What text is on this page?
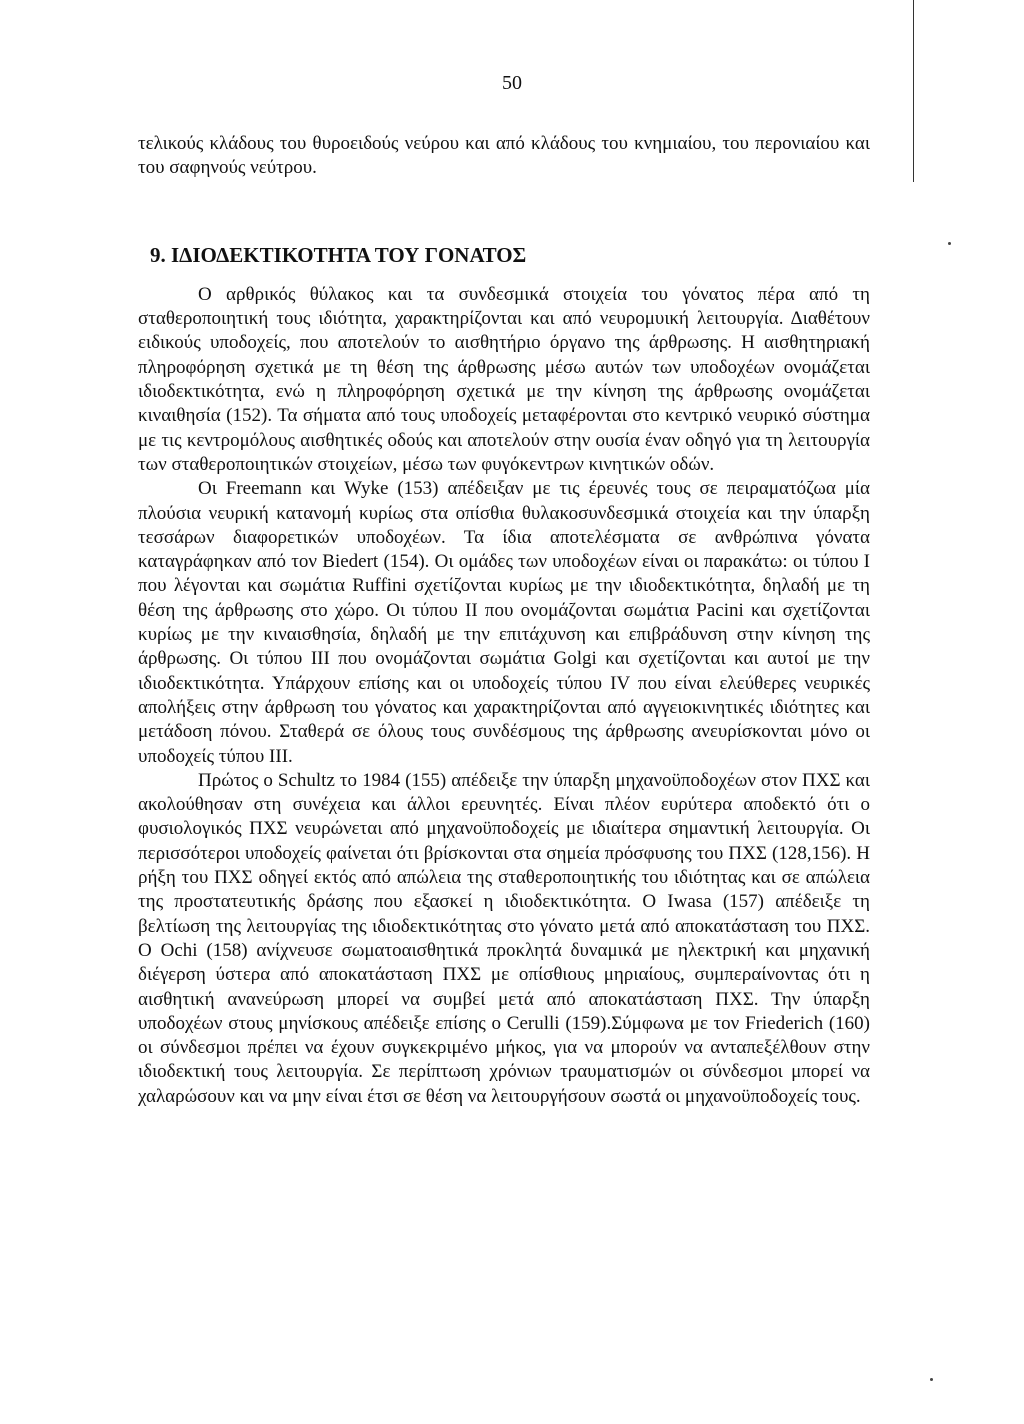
50

τελικούς κλάδους του θυροειδούς νεύρου και από κλάδους του κνημιαίου, του περονιαίου και του σαφηνούς νεύτρου.

9. ΙΔΙΟΔΕΚΤΙΚΟΤΗΤΑ ΤΟΥ ΓΟΝΑΤΟΣ

Ο αρθρικός θύλακος και τα συνδεσμικά στοιχεία του γόνατος πέρα από τη σταθεροποιητική τους ιδιότητα, χαρακτηρίζονται και από νευρομυική λειτουργία. Διαθέτουν ειδικούς υποδοχείς, που αποτελούν το αισθητήριο όργανο της άρθρωσης. Η αισθητηριακή πληροφόρηση σχετικά με τη θέση της άρθρωσης μέσω αυτών των υποδοχέων ονομάζεται ιδιοδεκτικότητα, ενώ η πληροφόρηση σχετικά με την κίνηση της άρθρωσης ονομάζεται κιναιθησία (152). Τα σήματα από τους υποδοχείς μεταφέρονται στο κεντρικό νευρικό σύστημα με τις κεντρομόλους αισθητικές οδούς και αποτελούν στην ουσία έναν οδηγό για τη λειτουργία των σταθεροποιητικών στοιχείων, μέσω των φυγόκεντρων κινητικών οδών.

Οι Freemann και Wyke (153) απέδειξαν με τις έρευνές τους σε πειραματόζωα μία πλούσια νευρική κατανομή κυρίως στα οπίσθια θυλακοσυνδεσμικά στοιχεία και την ύπαρξη τεσσάρων διαφορετικών υποδοχέων. Τα ίδια αποτελέσματα σε ανθρώπινα γόνατα καταγράφηκαν από τον Biedert (154). Οι ομάδες των υποδοχέων είναι οι παρακάτω: οι τύπου Ι που λέγονται και σωμάτια Ruffini σχετίζονται κυρίως με την ιδιοδεκτικότητα, δηλαδή με τη θέση της άρθρωσης στο χώρο. Οι τύπου ΙΙ που ονομάζονται σωμάτια Pacini και σχετίζονται κυρίως με την κιναισθησία, δηλαδή με την επιτάχυνση και επιβράδυνση στην κίνηση της άρθρωσης. Οι τύπου ΙΙΙ που ονομάζονται σωμάτια Golgi και σχετίζονται και αυτοί με την ιδιοδεκτικότητα. Υπάρχουν επίσης και οι υποδοχείς τύπου IV που είναι ελεύθερες νευρικές απολήξεις στην άρθρωση του γόνατος και χαρακτηρίζονται από αγγειοκινητικές ιδιότητες και μετάδοση πόνου. Σταθερά σε όλους τους συνδέσμους της άρθρωσης ανευρίσκονται μόνο οι υποδοχείς τύπου ΙΙΙ.

Πρώτος ο Schultz το 1984 (155) απέδειξε την ύπαρξη μηχανοϋποδοχέων στον ΠΧΣ και ακολούθησαν στη συνέχεια και άλλοι ερευνητές. Είναι πλέον ευρύτερα αποδεκτό ότι ο φυσιολογικός ΠΧΣ νευρώνεται από μηχανοϋποδοχείς με ιδιαίτερα σημαντική λειτουργία. Οι περισσότεροι υποδοχείς φαίνεται ότι βρίσκονται στα σημεία πρόσφυσης του ΠΧΣ (128,156). Η ρήξη του ΠΧΣ οδηγεί εκτός από απώλεια της σταθεροποιητικής του ιδιότητας και σε απώλεια της προστατευτικής δράσης που εξασκεί η ιδιοδεκτικότητα. Ο Iwasa (157) απέδειξε τη βελτίωση της λειτουργίας της ιδιοδεκτικότητας στο γόνατο μετά από αποκατάσταση του ΠΧΣ. Ο Ochi (158) ανίχνευσε σωματοαισθητικά προκλητά δυναμικά με ηλεκτρική και μηχανική διέγερση ύστερα από αποκατάσταση ΠΧΣ με οπίσθιους μηριαίους, συμπεραίνοντας ότι η αισθητική ανανεύρωση μπορεί να συμβεί μετά από αποκατάσταση ΠΧΣ. Την ύπαρξη υποδοχέων στους μηνίσκους απέδειξε επίσης ο Cerulli (159).Σύμφωνα με τον Friederich (160) οι σύνδεσμοι πρέπει να έχουν συγκεκριμένο μήκος, για να μπορούν να ανταπεξέλθουν στην ιδιοδεκτική τους λειτουργία. Σε περίπτωση χρόνιων τραυματισμών οι σύνδεσμοι μπορεί να χαλαρώσουν και να μην είναι έτσι σε θέση να λειτουργήσουν σωστά οι μηχανοϋποδοχείς τους.
